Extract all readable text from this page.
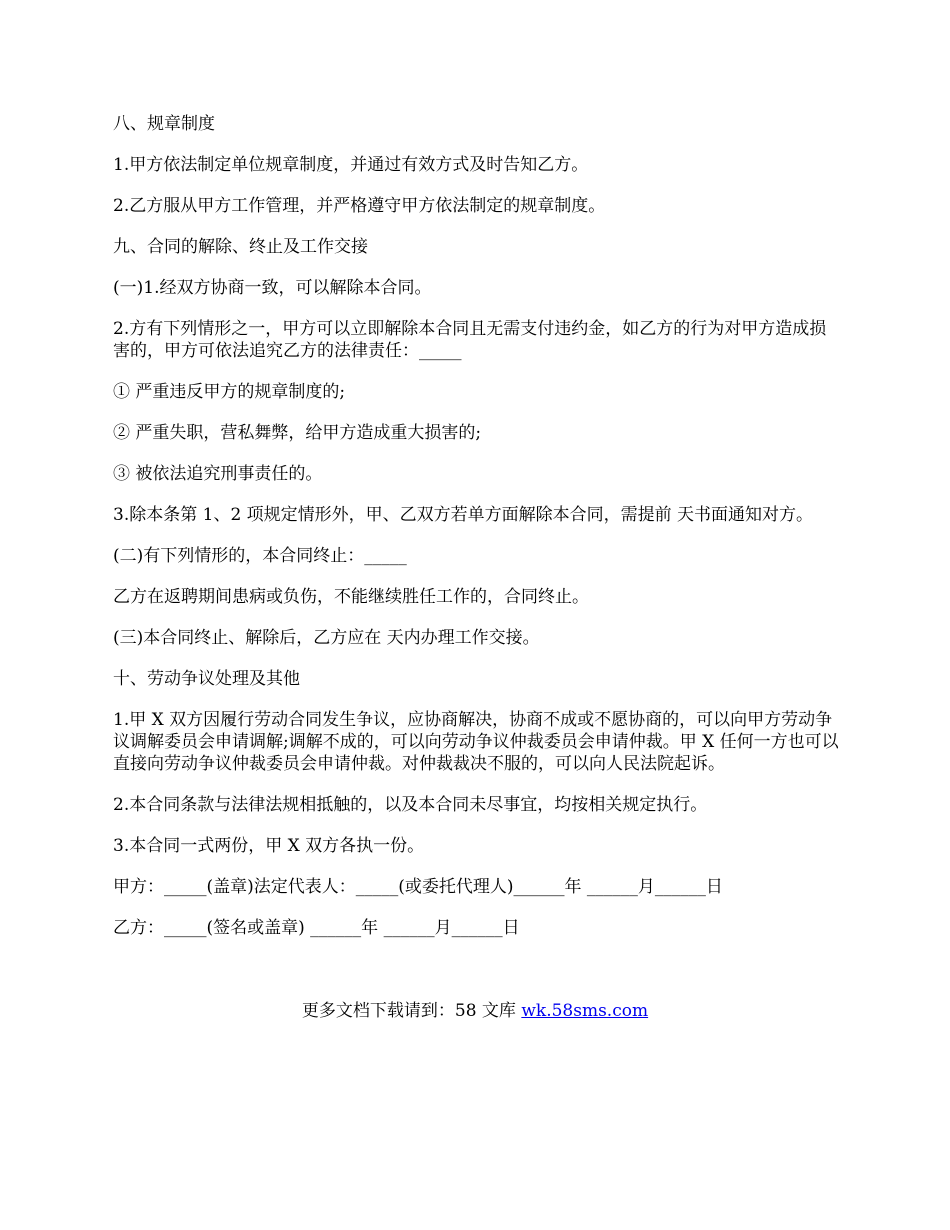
八、规章制度

1.甲方依法制定单位规章制度，并通过有效方式及时告知乙方。

2.乙方服从甲方工作管理，并严格遵守甲方依法制定的规章制度。

九、合同的解除、终止及工作交接

(一)1.经双方协商一致，可以解除本合同。

2.方有下列情形之一，甲方可以立即解除本合同且无需支付违约金，如乙方的行为对甲方造成损害的，甲方可依法追究乙方的法律责任：_____

① 严重违反甲方的规章制度的;

② 严重失职，营私舞弊，给甲方造成重大损害的;

③ 被依法追究刑事责任的。

3.除本条第 1、2 项规定情形外，甲、乙双方若单方面解除本合同，需提前 天书面通知对方。

(二)有下列情形的，本合同终止：_____

乙方在返聘期间患病或负伤，不能继续胜任工作的，合同终止。

(三)本合同终止、解除后，乙方应在 天内办理工作交接。

十、劳动争议处理及其他

1.甲 X 双方因履行劳动合同发生争议，应协商解决，协商不成或不愿协商的，可以向甲方劳动争议调解委员会申请调解;调解不成的，可以向劳动争议仲裁委员会申请仲裁。甲 X 任何一方也可以直接向劳动争议仲裁委员会申请仲裁。对仲裁裁决不服的，可以向人民法院起诉。

2.本合同条款与法律法规相抵触的，以及本合同未尽事宜，均按相关规定执行。

3.本合同一式两份，甲 X 双方各执一份。

甲方：_____(盖章)法定代表人：_____(或委托代理人)______年 ______月______日

乙方：_____(签名或盖章) ______年 ______月______日

更多文档下载请到：58 文库 wk.58sms.com
